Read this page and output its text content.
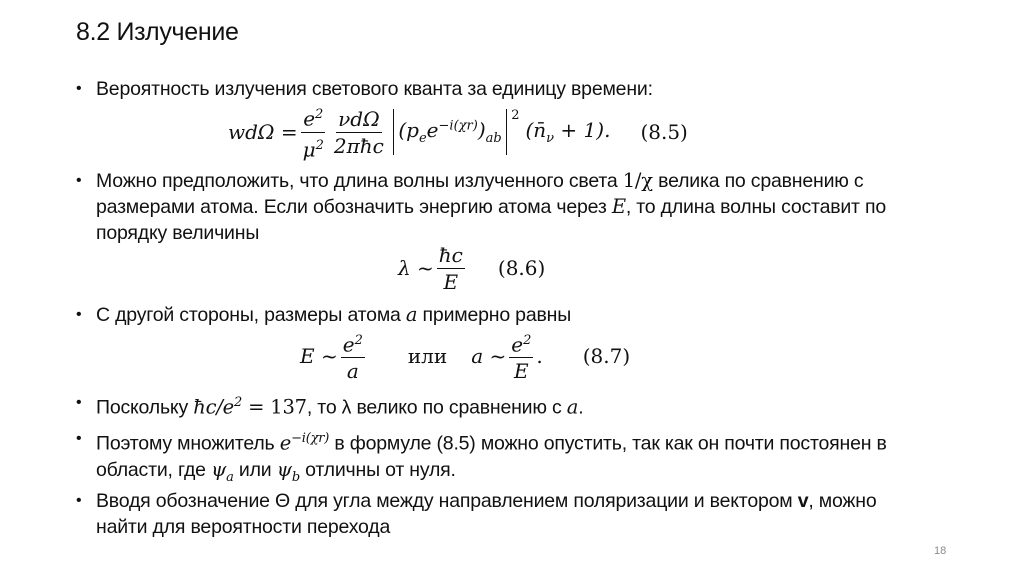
8.2 Излучение
• Вероятность излучения светового кванта за единицу времени:
$wd\Omega = \frac{e^2}{\mu^2} \frac{\text{νdΩ}}{\text{2πħc}} (p_ee^{-i(\chi r)})_{ab}$
$^2$
$(n̄_\nu + 1)$. (8.5)
• Можно предположить, что длина волны излученного света 1/χ велика по сравнению с размерами атома. Если обозначить энергию атома через E, то длина волны составит по порядку величины
λ ~ $\frac{ħc}{E} (8.6)$
• С другой стороны, размеры атома a примерно равны
E ~ $\frac{e^2}{a}$ или a ~ $\frac{e^2}{E}$ . (8.7)
• Поскольку $ħc/e^2 = 137$, то λ велико по сравнению с a.
• Поэтому множитель $e^{-i(\chi r)}$ в формуле (8.5) можно опустить, так как он почти постоянен в области, где $\psi_a$ или $\psi_b$ отличны от нуля.
• Вводя обозначение Θ для угла между направлением поляризации и вектором v, можно найти для вероятности перехода
18
